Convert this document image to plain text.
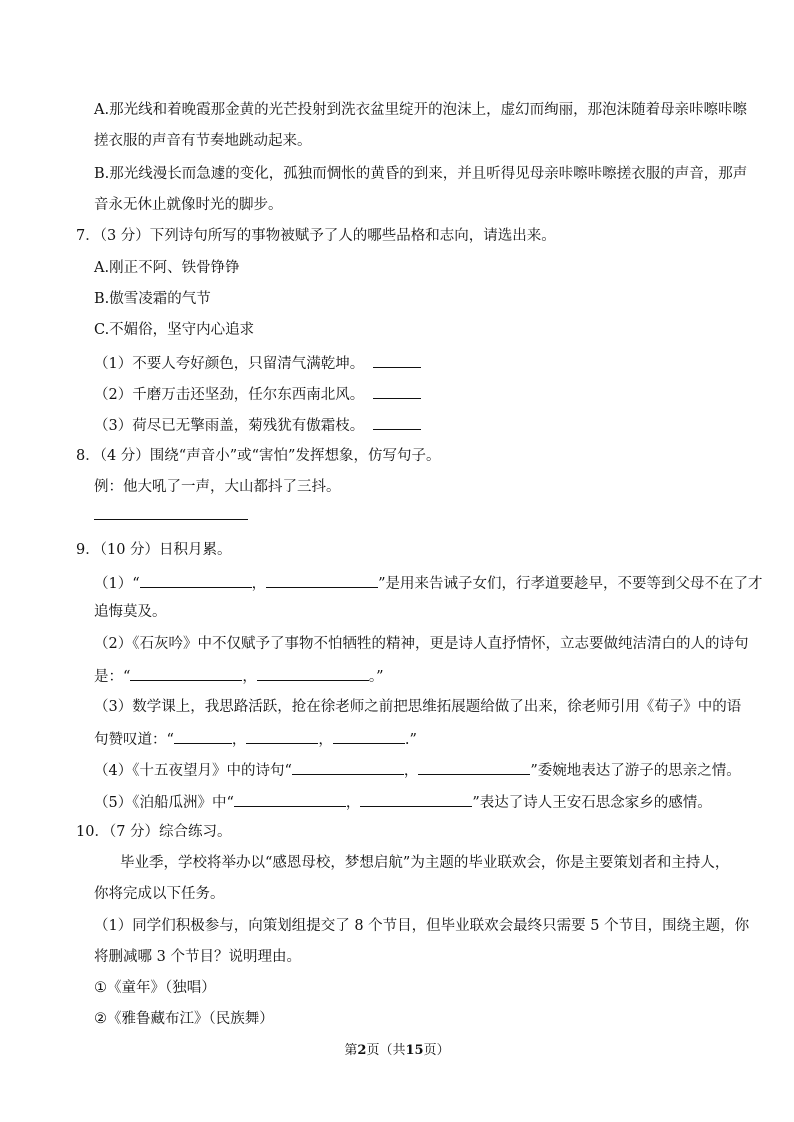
A.那光线和着晚霞那金黄的光芒投射到洗衣盆里绽开的泡沫上，虚幻而绚丽，那泡沫随着母亲咔嚓咔嚓
搓衣服的声音有节奏地跳动起来。
B.那光线漫长而急遽的变化，孤独而惆怅的黄昏的到来，并且听得见母亲咔嚓咔嚓搓衣服的声音，那声
音永无休止就像时光的脚步。
7．（3 分）下列诗句所写的事物被赋予了人的哪些品格和志向，请选出来。
A.刚正不阿、铁骨铮铮
B.傲雪凌霜的气节
C.不媚俗，坚守内心追求
（1）不要人夸好颜色，只留清气满乾坤。
（2）千磨万击还坚劲，任尔东西南北风。
（3）荷尽已无擎雨盖，菊残犹有傲霜枝。
8．（4 分）围绕“声音小”或“害怕”发挥想象，仿写句子。
例：他大吼了一声，大山都抖了三抖。
9．（10 分）日积月累。
（1）“	，	”是用来告诫子女们，行孝道要趁早，不要等到父母不在了才
追悔莫及。
（2）《石灰吟》中不仅赋予了事物不怕牺牲的精神，更是诗人直抒情怀，立志要做纯洁清白的人的诗句
是：“	，	。”
（3）数学课上，我思路活跃，抢在徐老师之前把思维拓展题给做了出来，徐老师引用《荀子》中的语
句赞叹道：“	，	，	.”
（4）《十五夜望月》中的诗句“	，	”委婉地表达了游子的思亲之情。
（5）《泊船瓜洲》中“	，	”表达了诗人王安石思念家乡的感情。
10．（7 分）综合练习。
毕业季，学校将举办以“感恩母校，梦想启航”为主题的毕业联欢会，你是主要策划者和主持人，
你将完成以下任务。
（1）同学们积极参与，向策划组提交了 8 个节目，但毕业联欢会最终只需要 5 个节目，围绕主题，你
将删减哪 3 个节目？说明理由。
①《童年》（独唱）
②《雅鲁藏布江》（民族舞）
第2页（共15页）
